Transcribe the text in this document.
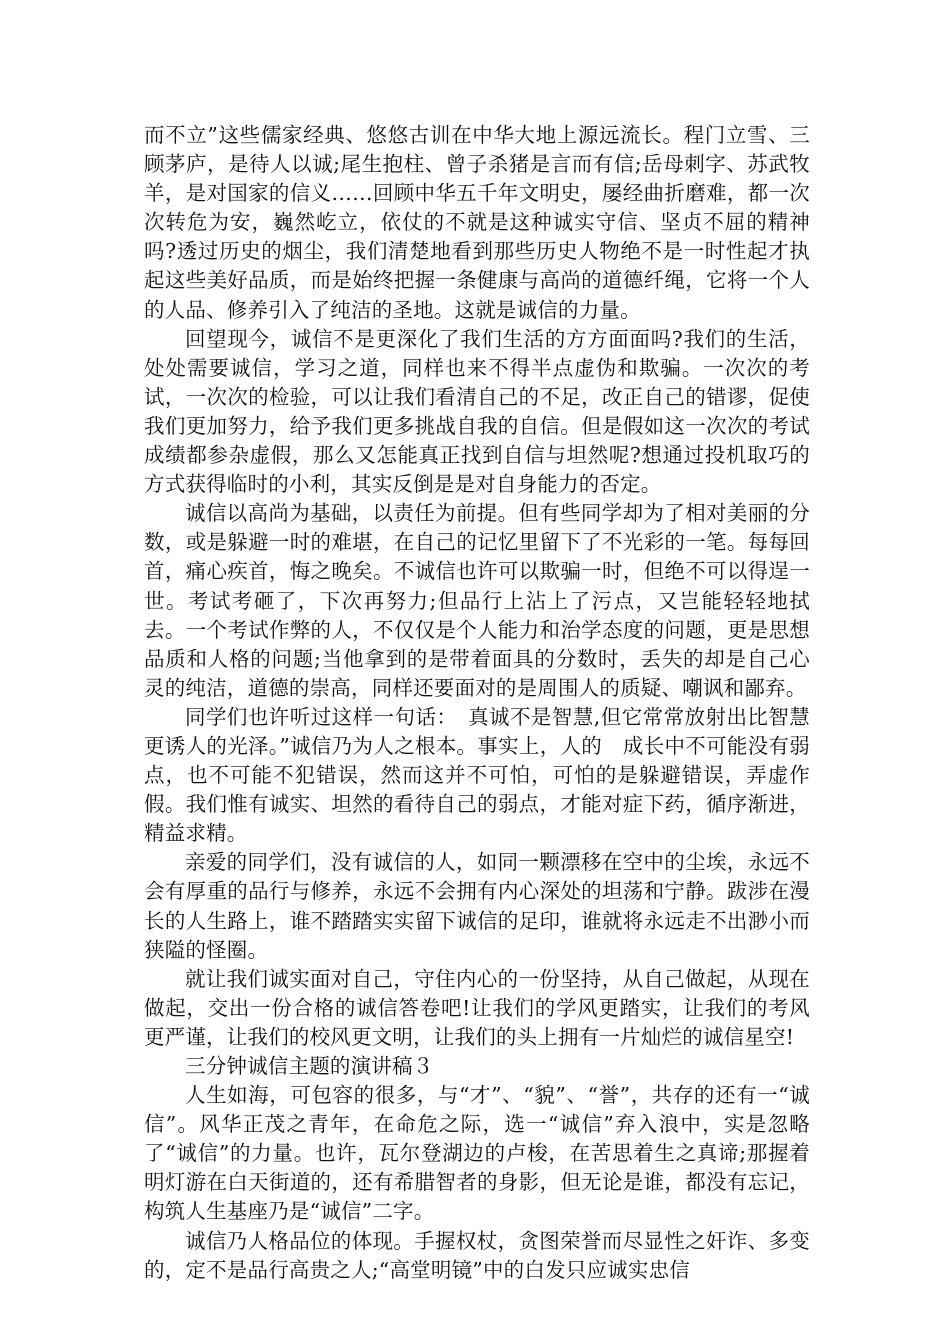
而不立”这些儒家经典、悠悠古训在中华大地上源远流长。程门立雪、三顾茅庐，是待人以诚;尾生抱柱、曾子杀猪是言而有信;岳母刺字、苏武牧羊，是对国家的信义……回顾中华五千年文明史，屡经曲折磨难，都一次次转危为安，巍然屹立，依仗的不就是这种诚实守信、坚贞不屈的精神吗?透过历史的烟尘，我们清楚地看到那些历史人物绝不是一时性起才执起这些美好品质，而是始终把握一条健康与高尚的道德纤绳，它将一个人的人品、修养引入了纯洁的圣地。这就是诚信的力量。

回望现今，诚信不是更深化了我们生活的方方面面吗?我们的生活，处处需要诚信，学习之道，同样也来不得半点虚伪和欺骗。一次次的考试，一次次的检验，可以让我们看清自己的不足，改正自己的错谬，促使我们更加努力，给予我们更多挑战自我的自信。但是假如这一次次的考试成绩都参杂虚假，那么又怎能真正找到自信与坦然呢?想通过投机取巧的方式获得临时的小利，其实反倒是是对自身能力的否定。

诚信以高尚为基础，以责任为前提。但有些同学却为了相对美丽的分数，或是躲避一时的难堪，在自己的记忆里留下了不光彩的一笔。每每回首，痛心疾首，悔之晚矣。不诚信也许可以欺骗一时，但绝不可以得逞一世。考试考砸了，下次再努力;但品行上沾上了污点，又岂能轻轻地拭去。一个考试作弊的人，不仅仅是个人能力和治学态度的问题，更是思想品质和人格的问题;当他拿到的是带着面具的分数时，丢失的却是自己心灵的纯洁，道德的崇高，同样还要面对的是周围人的质疑、嘲讽和鄙弃。

同学们也许听过这样一句话：　真诚不是智慧,但它常常放射出比智慧更诱人的光泽。”诚信乃为人之根本。事实上，人的　成长中不可能没有弱点，也不可能不犯错误，然而这并不可怕，可怕的是躲避错误，弄虚作假。我们惟有诚实、坦然的看待自己的弱点，才能对症下药，循序渐进，精益求精。

亲爱的同学们，没有诚信的人，如同一颗漂移在空中的尘埃，永远不会有厚重的品行与修养，永远不会拥有内心深处的坦荡和宁静。跋涉在漫长的人生路上，谁不踏踏实实留下诚信的足印，谁就将永远走不出渺小而狭隘的怪圈。

就让我们诚实面对自己，守住内心的一份坚持，从自己做起，从现在做起，交出一份合格的诚信答卷吧!让我们的学风更踏实，让我们的考风更严谨，让我们的校风更文明，让我们的头上拥有一片灿烂的诚信星空!

三分钟诚信主题的演讲稿３

人生如海，可包容的很多，与“才”、“貌”、“誉”，共存的还有一“诚信”。风华正茂之青年，在命危之际，选一“诚信”弃入浪中，实是忽略了“诚信”的力量。也许，瓦尔登湖边的卢梭，在苦思着生之真谛;那握着明灯游在白天街道的，还有希腊智者的身影，但无论是谁，都没有忘记，构筑人生基座乃是“诚信”二字。

诚信乃人格品位的体现。手握权杖，贪图荣誉而尽显性之奸诈、多变的，定不是品行高贵之人;“高堂明镜”中的白发只应诚实忠信
